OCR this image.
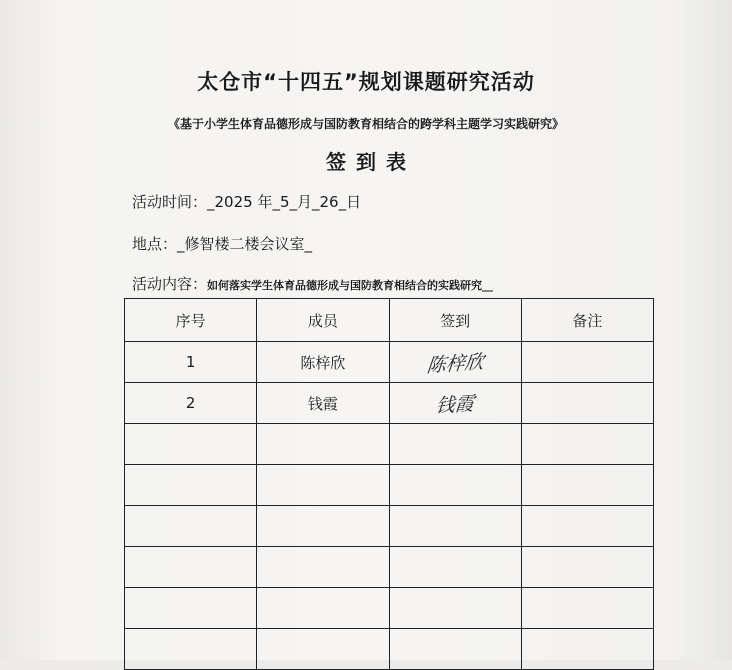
太仓市“十四五”规划课题研究活动
《基于小学生体育品德形成与国防教育相结合的跨学科主题学习实践研究》
签到表
活动时间：_2025 年_5_月_26_日
地点：_修智楼二楼会议室_
活动内容：如何落实学生体育品德形成与国防教育相结合的实践研究__
序号	成员	签到	备注
1	陈梓欣	陈梓欣	
2	钱霞	钱霞	
